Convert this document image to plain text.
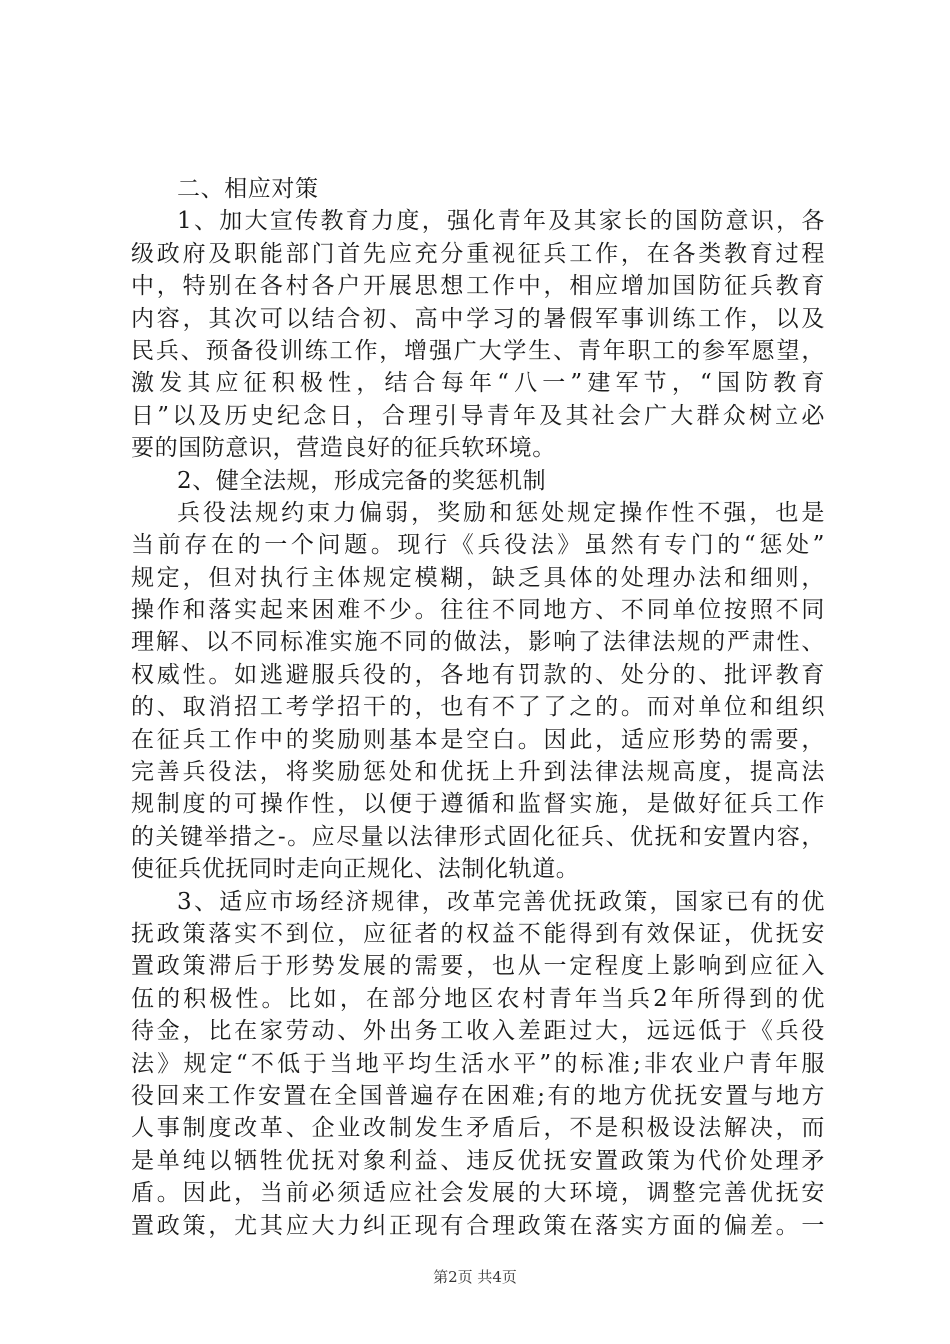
二、相应对策
1、加大宣传教育力度，强化青年及其家长的国防意识，各
级政府及职能部门首先应充分重视征兵工作，在各类教育过程
中，特别在各村各户开展思想工作中，相应增加国防征兵教育
内容，其次可以结合初、高中学习的暑假军事训练工作，以及
民兵、预备役训练工作，增强广大学生、青年职工的参军愿望，
激发其应征积极性，结合每年“八一”建军节，“国防教育
日”以及历史纪念日，合理引导青年及其社会广大群众树立必
要的国防意识，营造良好的征兵软环境。
2、健全法规，形成完备的奖惩机制
兵役法规约束力偏弱，奖励和惩处规定操作性不强，也是
当前存在的一个问题。现行《兵役法》虽然有专门的“惩处”
规定，但对执行主体规定模糊，缺乏具体的处理办法和细则，
操作和落实起来困难不少。往往不同地方、不同单位按照不同
理解、以不同标准实施不同的做法，影响了法律法规的严肃性、
权威性。如逃避服兵役的，各地有罚款的、处分的、批评教育
的、取消招工考学招干的，也有不了了之的。而对单位和组织
在征兵工作中的奖励则基本是空白。因此，适应形势的需要，
完善兵役法，将奖励惩处和优抚上升到法律法规高度，提高法
规制度的可操作性，以便于遵循和监督实施，是做好征兵工作
的关键举措之-。应尽量以法律形式固化征兵、优抚和安置内容，
使征兵优抚同时走向正规化、法制化轨道。
3、适应市场经济规律，改革完善优抚政策，国家已有的优
抚政策落实不到位，应征者的权益不能得到有效保证，优抚安
置政策滞后于形势发展的需要，也从一定程度上影响到应征入
伍的积极性。比如，在部分地区农村青年当兵2年所得到的优
待金，比在家劳动、外出务工收入差距过大，远远低于《兵役
法》规定“不低于当地平均生活水平”的标准;非农业户青年服
役回来工作安置在全国普遍存在困难;有的地方优抚安置与地方
人事制度改革、企业改制发生矛盾后，不是积极设法解决，而
是单纯以牺牲优抚对象利益、违反优抚安置政策为代价处理矛
盾。因此，当前必须适应社会发展的大环境，调整完善优抚安
置政策，尤其应大力纠正现有合理政策在落实方面的偏差。一
第2页 共4页
